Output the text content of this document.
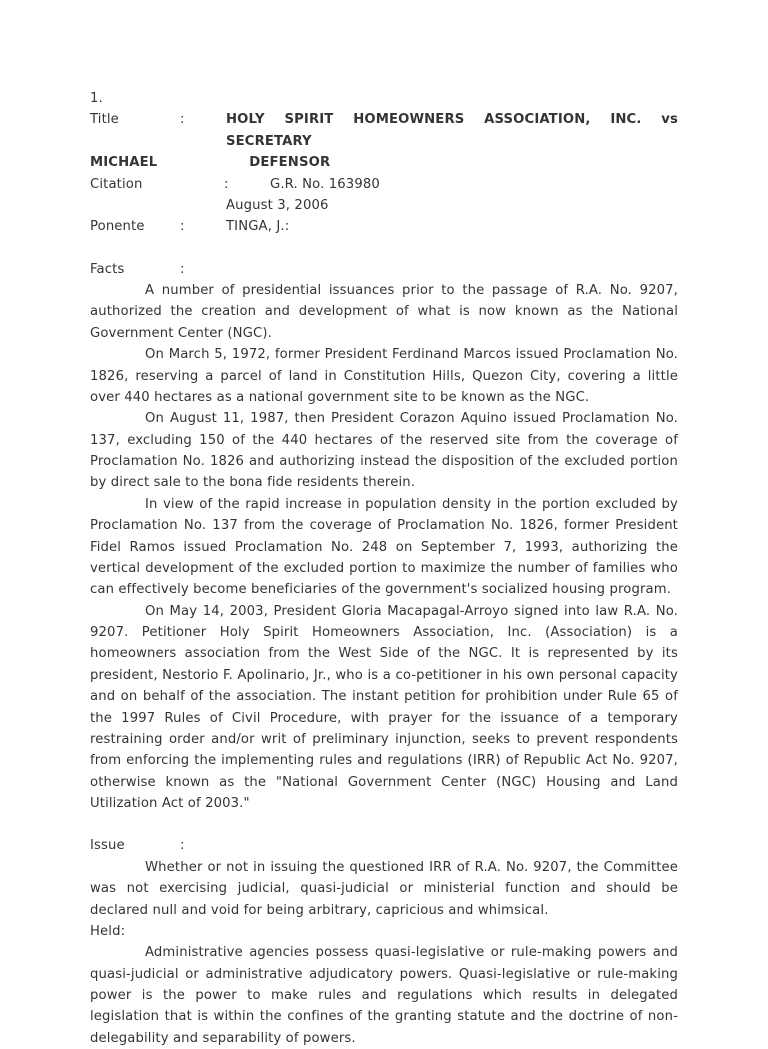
1.
Title	:	HOLY SPIRIT HOMEOWNERS ASSOCIATION, INC. vs SECRETARY
MICHAEL	DEFENSOR
Citation	:	G.R. No. 163980
August 3, 2006
Ponente	:	TINGA, J.:
Facts	:

A number of presidential issuances prior to the passage of R.A. No. 9207, authorized the creation and development of what is now known as the National Government Center (NGC).

On March 5, 1972, former President Ferdinand Marcos issued Proclamation No. 1826, reserving a parcel of land in Constitution Hills, Quezon City, covering a little over 440 hectares as a national government site to be known as the NGC.

On August 11, 1987, then President Corazon Aquino issued Proclamation No. 137, excluding 150 of the 440 hectares of the reserved site from the coverage of Proclamation No. 1826 and authorizing instead the disposition of the excluded portion by direct sale to the bona fide residents therein.

In view of the rapid increase in population density in the portion excluded by Proclamation No. 137 from the coverage of Proclamation No. 1826, former President Fidel Ramos issued Proclamation No. 248 on September 7, 1993, authorizing the vertical development of the excluded portion to maximize the number of families who can effectively become beneficiaries of the government's socialized housing program.

On May 14, 2003, President Gloria Macapagal-Arroyo signed into law R.A. No. 9207. Petitioner Holy Spirit Homeowners Association, Inc. (Association) is a homeowners association from the West Side of the NGC. It is represented by its president, Nestorio F. Apolinario, Jr., who is a co-petitioner in his own personal capacity and on behalf of the association. The instant petition for prohibition under Rule 65 of the 1997 Rules of Civil Procedure, with prayer for the issuance of a temporary restraining order and/or writ of preliminary injunction, seeks to prevent respondents from enforcing the implementing rules and regulations (IRR) of Republic Act No. 9207, otherwise known as the "National Government Center (NGC) Housing and Land Utilization Act of 2003."

Issue	:

Whether or not in issuing the questioned IRR of R.A. No. 9207, the Committee was not exercising judicial, quasi-judicial or ministerial function and should be declared null and void for being arbitrary, capricious and whimsical.

Held:

Administrative agencies possess quasi-legislative or rule-making powers and quasi-judicial or administrative adjudicatory powers. Quasi-legislative or rule-making power is the power to make rules and regulations which results in delegated legislation that is within the confines of the granting statute and the doctrine of non-delegability and separability of powers.
